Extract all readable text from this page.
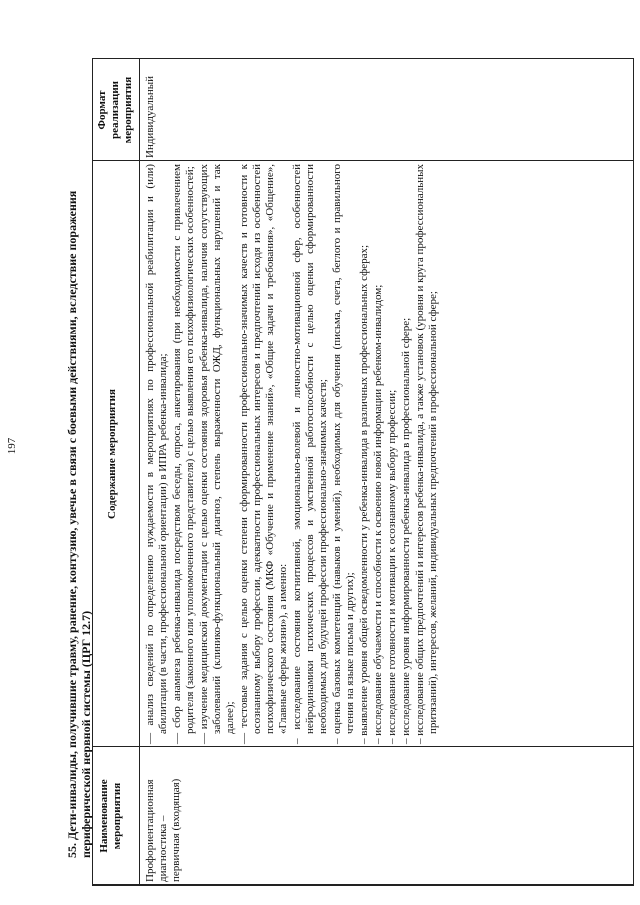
197	55. Дети-инвалиды, получившие травму, ранение, контузию, увечье в связи с боевыми действиями, вследствие поражения периферической нервной системы (ЦРГ 12.7) Наименование мероприятия
Содержание мероприятия
Формат реализации мероприятия
Профориентационная диагностика – первичная (входящая)
— анализ сведений по определению нуждаемости в мероприятиях по профессиональной реабилитации и (или) абилитации (в части, профессиональной ориентации) в ИПРА ребенка-инвалида; — сбор анамнеза ребенка-инвалида посредством беседы, опроса, анкетирования (при необходимости с привлечением родителя (законного или уполномоченного представителя) с целью выявления его психофизиологических особенностей; — изучение медицинской документации с целью оценки состояния здоровья ребенка-инвалида, наличия сопутствующих заболеваний (клинико-функциональный диагноз, степень выраженности ОЖД, функциональных нарушений и так далее); — тестовые задания с целью оценки степени сформированности профессионально-значимых качеств и готовности к осознанному выбору профессии, адекватности профессиональных интересов и предпочтений исходя из особенностей психофизического состояния (МКФ «Обучение и применение знаний», «Общие задачи и требования», «Общение», «Главные сферы жизни»), а именно: – исследование состояния когнитивной, эмоционально-волевой и личностно-мотивационной сфер, особенностей нейродинамики психических процессов и умственной работоспособности с целью оценки сформированности необходимых для будущей профессии профессионально-значимых качеств; – оценка базовых компетенций (навыков и умений), необходимых для обучения (письма, счета, беглого и правильного чтения на языке письма и других); – выявление уровня общей осведомленности у ребенка-инвалида в различных профессиональных сферах; – исследование обучаемости и способности к освоению новой информации ребенком-инвалидом; – исследование готовности и мотивации к осознанному выбору профессии; – исследование уровня информированности ребенка-инвалида в профессиональной сфере; – исследование общих предпочтений и интересов ребенка-инвалида, а также установок (уровня и круга профессиональных притязаний), интересов, желаний, индивидуальных предпочтений в профессиональной сфере;
Индивидуальный
